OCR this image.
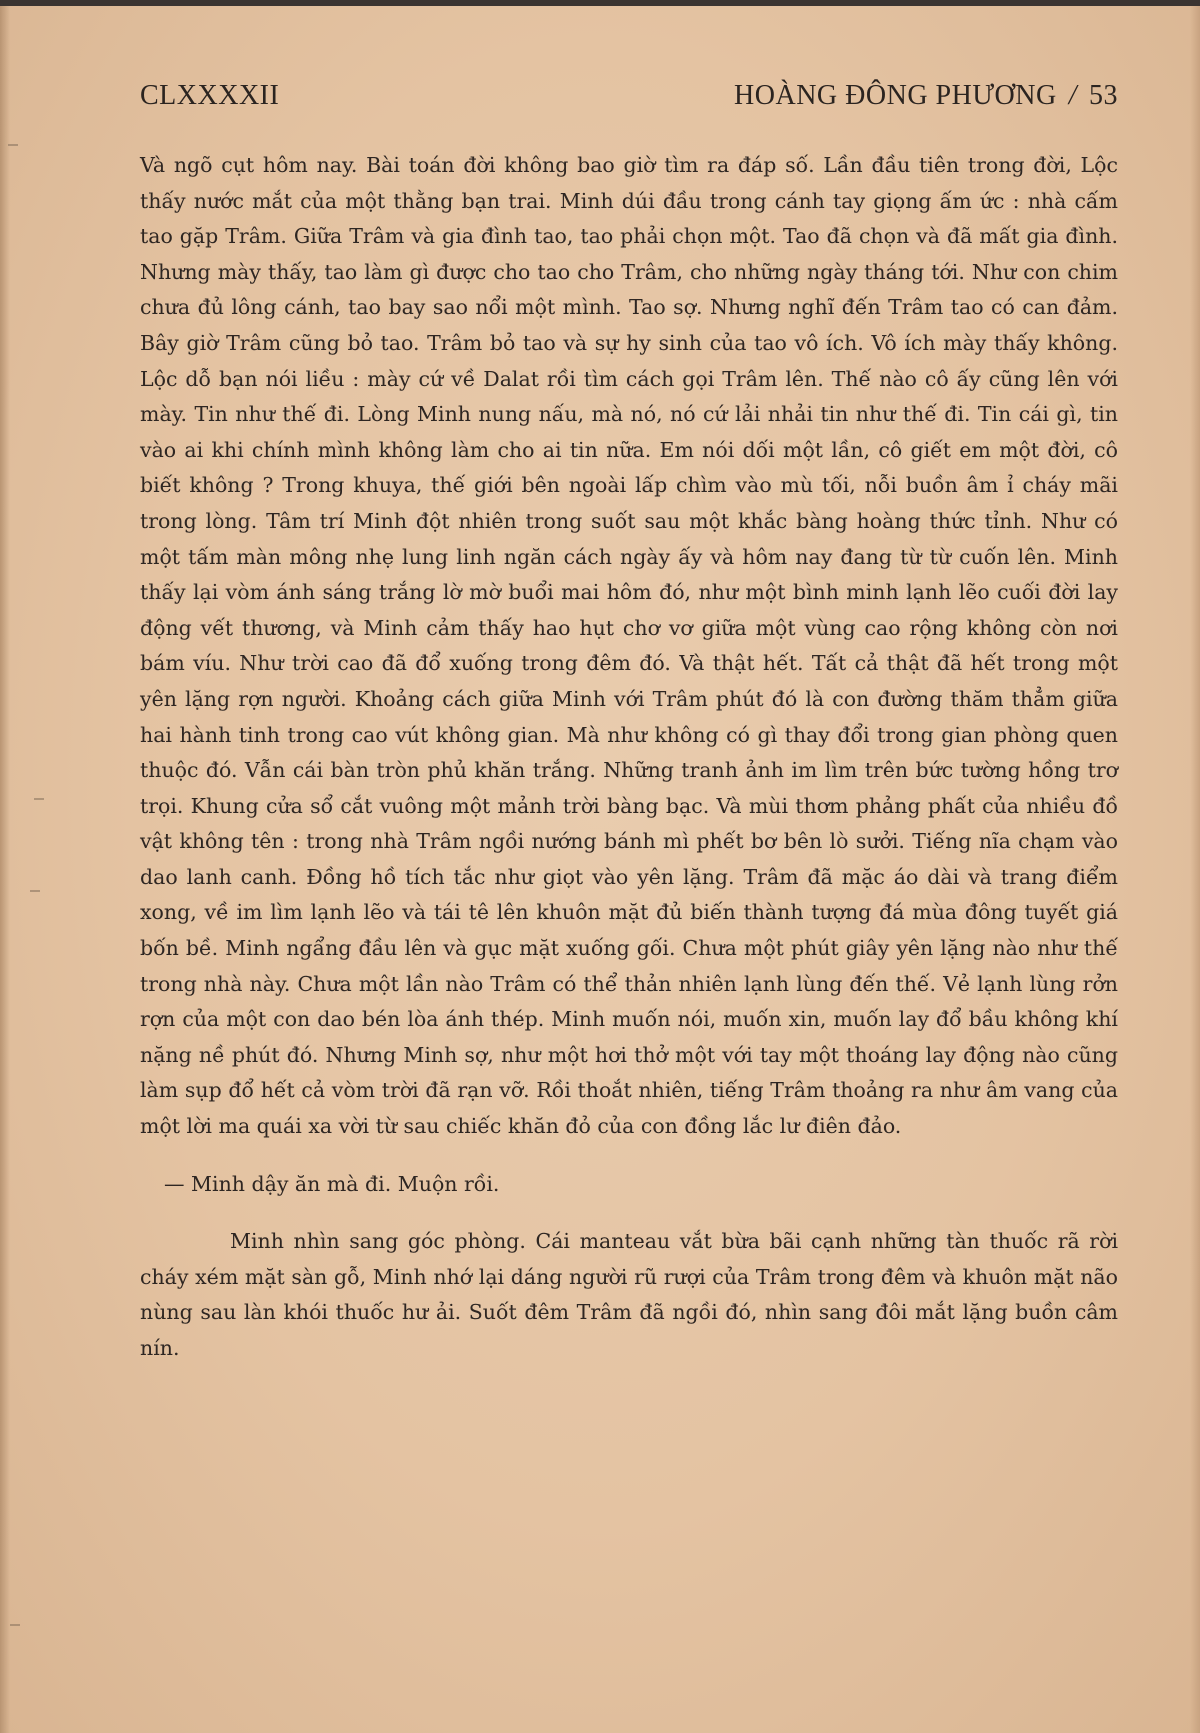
CLXXXXII	HOÀNG ĐÔNG PHƯƠNG / 53

Và ngõ cụt hôm nay. Bài toán đời không bao giờ tìm ra đáp số. Lần đầu tiên trong đời, Lộc thấy nước mắt của một thằng bạn trai. Minh dúi đầu trong cánh tay giọng ấm ức : nhà cấm tao gặp Trâm. Giữa Trâm và gia đình tao, tao phải chọn một. Tao đã chọn và đã mất gia đình. Nhưng mày thấy, tao làm gì được cho tao cho Trâm, cho những ngày tháng tới. Như con chim chưa đủ lông cánh, tao bay sao nổi một mình. Tao sợ. Nhưng nghĩ đến Trâm tao có can đảm. Bây giờ Trâm cũng bỏ tao. Trâm bỏ tao và sự hy sinh của tao vô ích. Vô ích mày thấy không. Lộc dỗ bạn nói liều : mày cứ về Dalat rồi tìm cách gọi Trâm lên. Thế nào cô ấy cũng lên với mày. Tin như thế đi. Lòng Minh nung nấu, mà nó, nó cứ lải nhải tin như thế đi. Tin cái gì, tin vào ai khi chính mình không làm cho ai tin nữa. Em nói dối một lần, cô giết em một đời, cô biết không ? Trong khuya, thế giới bên ngoài lấp chìm vào mù tối, nỗi buồn âm ỉ cháy mãi trong lòng. Tâm trí Minh đột nhiên trong suốt sau một khắc bàng hoàng thức tỉnh. Như có một tấm màn mông nhẹ lung linh ngăn cách ngày ấy và hôm nay đang từ từ cuốn lên. Minh thấy lại vòm ánh sáng trắng lờ mờ buổi mai hôm đó, như một bình minh lạnh lẽo cuối đời lay động vết thương, và Minh cảm thấy hao hụt chơ vơ giữa một vùng cao rộng không còn nơi bám víu. Như trời cao đã đổ xuống trong đêm đó. Và thật hết. Tất cả thật đã hết trong một yên lặng rợn người. Khoảng cách giữa Minh với Trâm phút đó là con đường thăm thẳm giữa hai hành tinh trong cao vút không gian. Mà như không có gì thay đổi trong gian phòng quen thuộc đó. Vẫn cái bàn tròn phủ khăn trắng. Những tranh ảnh im lìm trên bức tường hồng trơ trọi. Khung cửa sổ cắt vuông một mảnh trời bàng bạc. Và mùi thơm phảng phất của nhiều đồ vật không tên : trong nhà Trâm ngồi nướng bánh mì phết bơ bên lò sưởi. Tiếng nĩa chạm vào dao lanh canh. Đồng hồ tích tắc như giọt vào yên lặng. Trâm đã mặc áo dài và trang điểm xong, về im lìm lạnh lẽo và tái tê lên khuôn mặt đủ biến thành tượng đá mùa đông tuyết giá bốn bề. Minh ngẩng đầu lên và gục mặt xuống gối. Chưa một phút giây yên lặng nào như thế trong nhà này. Chưa một lần nào Trâm có thể thản nhiên lạnh lùng đến thế. Vẻ lạnh lùng rởn rợn của một con dao bén lòa ánh thép. Minh muốn nói, muốn xin, muốn lay đổ bầu không khí nặng nề phút đó. Nhưng Minh sợ, như một hơi thở một với tay một thoáng lay động nào cũng làm sụp đổ hết cả vòm trời đã rạn vỡ. Rồi thoắt nhiên, tiếng Trâm thoảng ra như âm vang của một lời ma quái xa vời từ sau chiếc khăn đỏ của con đồng lắc lư điên đảo.

— Minh dậy ăn mà đi. Muộn rồi.

Minh nhìn sang góc phòng. Cái manteau vắt bừa bãi cạnh những tàn thuốc rã rời cháy xém mặt sàn gỗ, Minh nhớ lại dáng người rũ rượi của Trâm trong đêm và khuôn mặt não nùng sau làn khói thuốc hư ải. Suốt đêm Trâm đã ngồi đó, nhìn sang đôi mắt lặng buồn câm nín.
